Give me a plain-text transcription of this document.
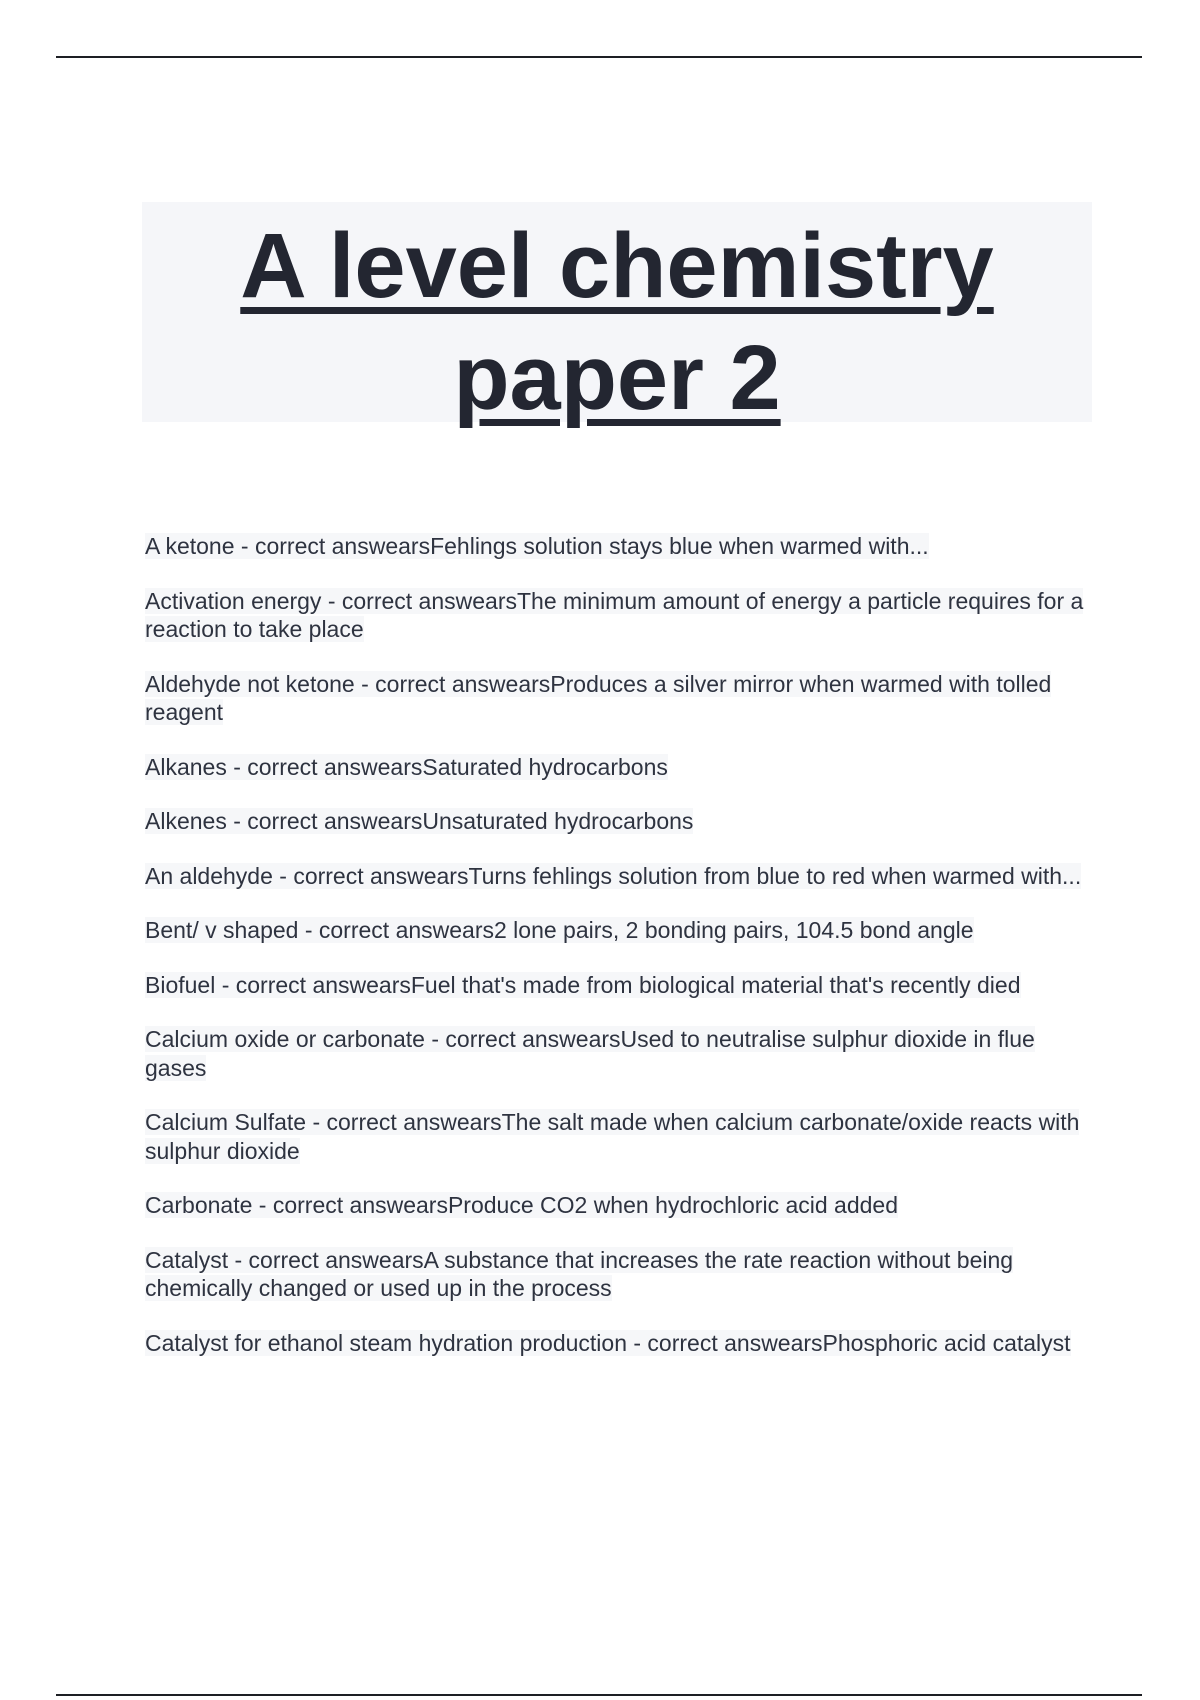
A level chemistry paper 2
A ketone - correct answearsFehlings solution stays blue when warmed with...
Activation energy - correct answearsThe minimum amount of energy a particle requires for a reaction to take place
Aldehyde not ketone - correct answearsProduces a silver mirror when warmed with tolled reagent
Alkanes - correct answearsSaturated hydrocarbons
Alkenes - correct answearsUnsaturated hydrocarbons
An aldehyde - correct answearsTurns fehlings solution from blue to red when warmed with...
Bent/ v shaped - correct answears2 lone pairs, 2 bonding pairs, 104.5 bond angle
Biofuel - correct answearsFuel that's made from biological material that's recently died
Calcium oxide or carbonate - correct answearsUsed to neutralise sulphur dioxide in flue gases
Calcium Sulfate - correct answearsThe salt made when calcium carbonate/oxide reacts with sulphur dioxide
Carbonate - correct answearsProduce CO2 when hydrochloric acid added
Catalyst - correct answearsA substance that increases the rate reaction without being chemically changed or used up in the process
Catalyst for ethanol steam hydration production - correct answearsPhosphoric acid catalyst
